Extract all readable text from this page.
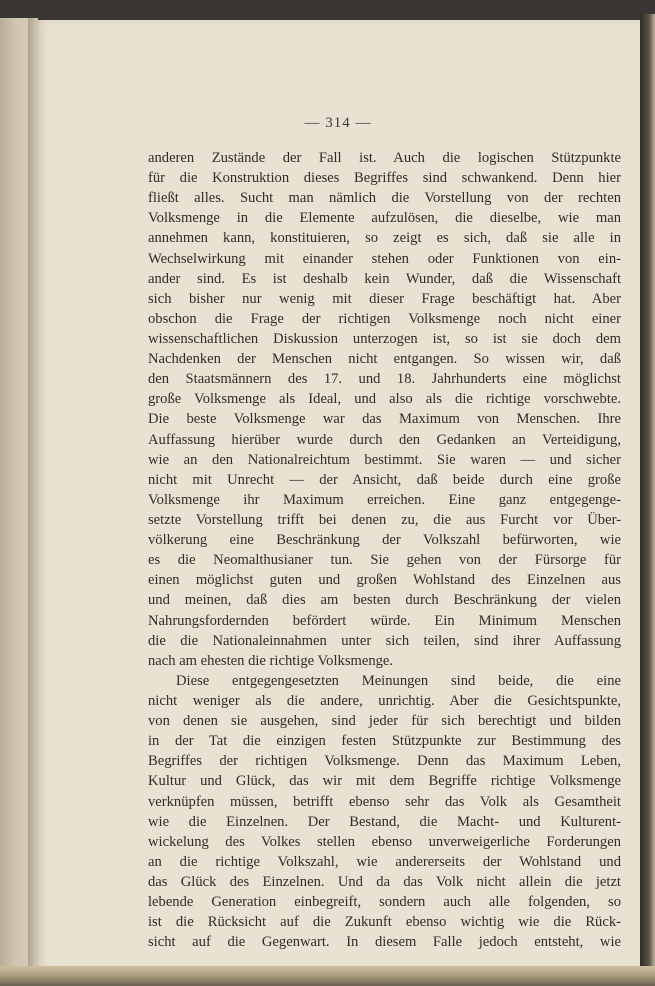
— 314 —
anderen Zustände der Fall ist. Auch die logischen Stützpunkte
für die Konstruktion dieses Begriffes sind schwankend. Denn hier
fließt alles. Sucht man nämlich die Vorstellung von der rechten
Volksmenge in die Elemente aufzulösen, die dieselbe, wie man
annehmen kann, konstituieren, so zeigt es sich, daß sie alle in
Wechselwirkung mit einander stehen oder Funktionen von ein-
ander sind. Es ist deshalb kein Wunder, daß die Wissenschaft
sich bisher nur wenig mit dieser Frage beschäftigt hat. Aber
obschon die Frage der richtigen Volksmenge noch nicht einer
wissenschaftlichen Diskussion unterzogen ist, so ist sie doch dem
Nachdenken der Menschen nicht entgangen. So wissen wir, daß
den Staatsmännern des 17. und 18. Jahrhunderts eine möglichst
große Volksmenge als Ideal, und also als die richtige vorschwebte.
Die beste Volksmenge war das Maximum von Menschen. Ihre
Auffassung hierüber wurde durch den Gedanken an Verteidigung,
wie an den Nationalreichtum bestimmt. Sie waren — und sicher
nicht mit Unrecht — der Ansicht, daß beide durch eine große
Volksmenge ihr Maximum erreichen. Eine ganz entgegenge-
setzte Vorstellung trifft bei denen zu, die aus Furcht vor Über-
völkerung eine Beschränkung der Volkszahl befürworten, wie
es die Neomalthusianer tun. Sie gehen von der Fürsorge für
einen möglichst guten und großen Wohlstand des Einzelnen aus
und meinen, daß dies am besten durch Beschränkung der vielen
Nahrungsfordernden befördert würde. Ein Minimum Menschen
die die Nationaleinnahmen unter sich teilen, sind ihrer Auffassung
nach am ehesten die richtige Volksmenge.
Diese entgegengesetzten Meinungen sind beide, die eine
nicht weniger als die andere, unrichtig. Aber die Gesichtspunkte,
von denen sie ausgehen, sind jeder für sich berechtigt und bilden
in der Tat die einzigen festen Stützpunkte zur Bestimmung des
Begriffes der richtigen Volksmenge. Denn das Maximum Leben,
Kultur und Glück, das wir mit dem Begriffe richtige Volksmenge
verknüpfen müssen, betrifft ebenso sehr das Volk als Gesamtheit
wie die Einzelnen. Der Bestand, die Macht- und Kulturent-
wickelung des Volkes stellen ebenso unverweigerliche Forderungen
an die richtige Volkszahl, wie andererseits der Wohlstand und
das Glück des Einzelnen. Und da das Volk nicht allein die jetzt
lebende Generation einbegreift, sondern auch alle folgenden, so
ist die Rücksicht auf die Zukunft ebenso wichtig wie die Rück-
sicht auf die Gegenwart. In diesem Falle jedoch entsteht, wie
